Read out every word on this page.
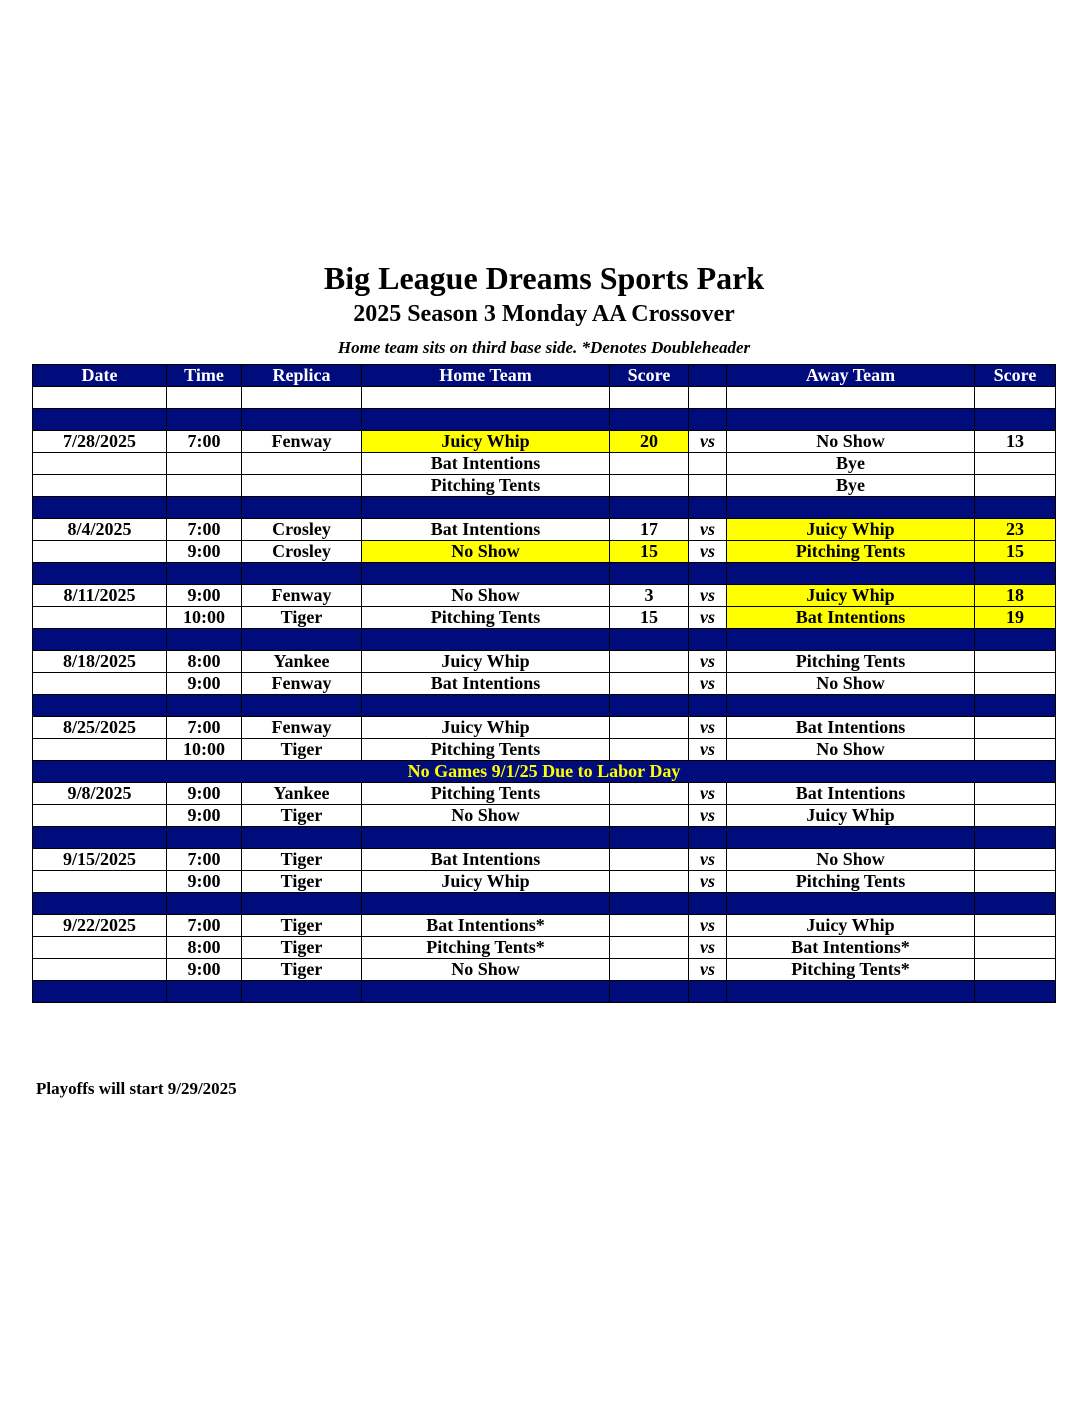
Big League Dreams Sports Park
2025 Season 3 Monday AA Crossover
Home team sits on third base side. *Denotes Doubleheader
Date	Time	Replica	Home Team	Score		Away Team	Score

7/28/2025	7:00	Fenway	Juicy Whip	20	vs	No Show	13
			Bat Intentions			Bye	
			Pitching Tents			Bye	

8/4/2025	7:00	Crosley	Bat Intentions	17	vs	Juicy Whip	23
	9:00	Crosley	No Show	15	vs	Pitching Tents	15

8/11/2025	9:00	Fenway	No Show	3	vs	Juicy Whip	18
	10:00	Tiger	Pitching Tents	15	vs	Bat Intentions	19

8/18/2025	8:00	Yankee	Juicy Whip		vs	Pitching Tents	
	9:00	Fenway	Bat Intentions		vs	No Show	

8/25/2025	7:00	Fenway	Juicy Whip		vs	Bat Intentions	
	10:00	Tiger	Pitching Tents		vs	No Show	
No Games 9/1/25 Due to Labor Day							
9/8/2025	9:00	Yankee	Pitching Tents		vs	Bat Intentions	
	9:00	Tiger	No Show		vs	Juicy Whip	

9/15/2025	7:00	Tiger	Bat Intentions		vs	No Show	
	9:00	Tiger	Juicy Whip		vs	Pitching Tents	

9/22/2025	7:00	Tiger	Bat Intentions*		vs	Juicy Whip	
	8:00	Tiger	Pitching Tents*		vs	Bat Intentions*	
	9:00	Tiger	No Show		vs	Pitching Tents*	

Playoffs will start 9/29/2025
